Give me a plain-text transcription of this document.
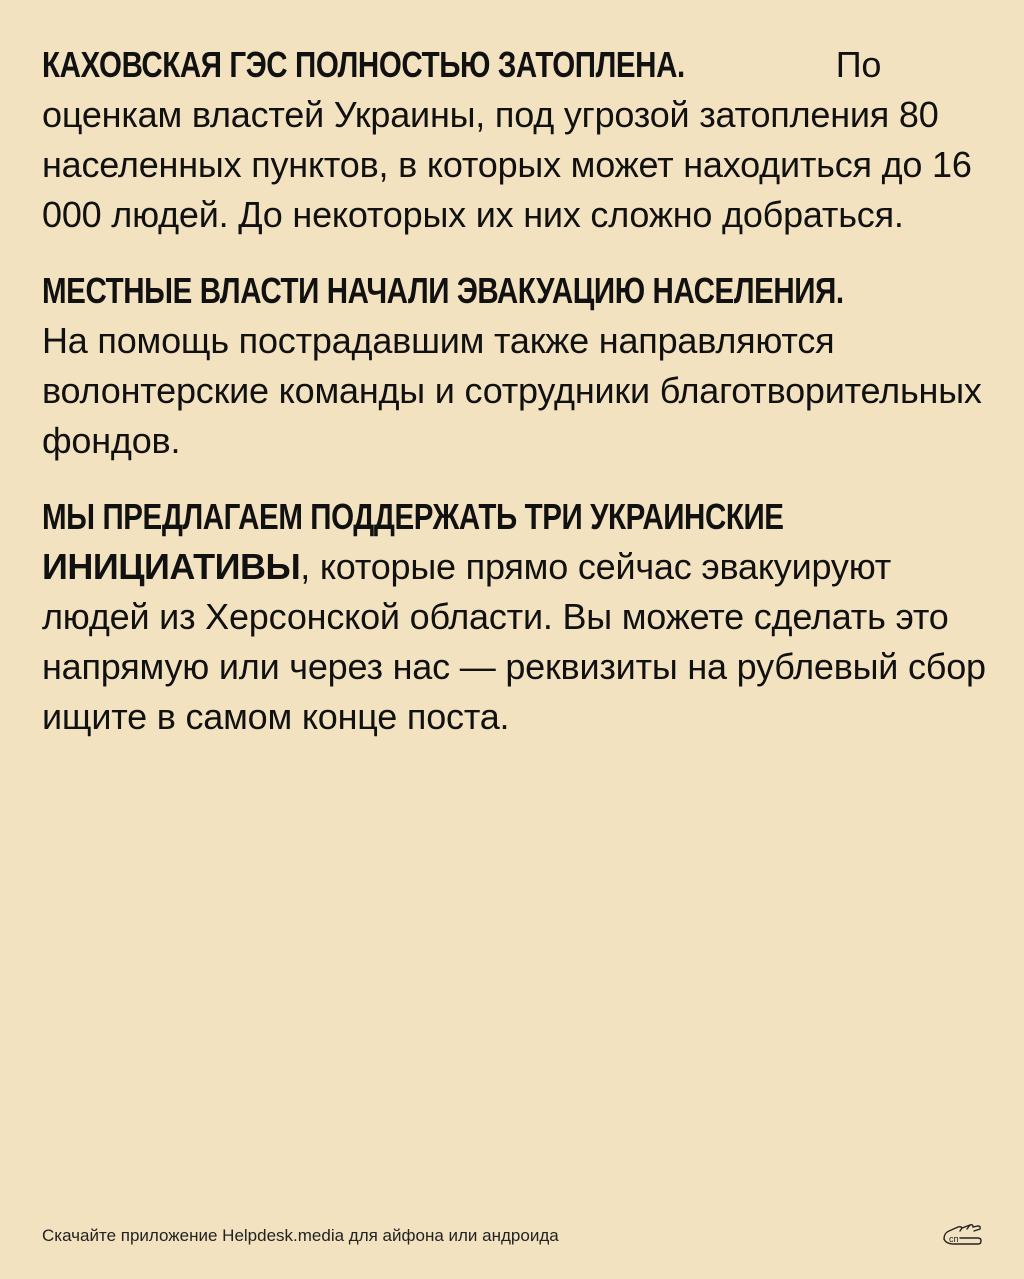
КАХОВСКАЯ ГЭС ПОЛНОСТЬЮ ЗАТОПЛЕНА.	По оценкам властей Украины, под угрозой затопления 80 населенных пунктов, в которых может находиться до 16 000 людей. До некоторых их них сложно добраться.

МЕСТНЫЕ ВЛАСТИ НАЧАЛИ ЭВАКУАЦИЮ НАСЕЛЕНИЯ.
На помощь пострадавшим также направляются волонтерские команды и сотрудники благотворительных фондов.

МЫ ПРЕДЛАГАЕМ ПОДДЕРЖАТЬ ТРИ УКРАИНСКИЕ
ИНИЦИАТИВЫ, которые прямо сейчас эвакуируют людей из Херсонской области. Вы можете сделать это напрямую или через нас — реквизиты на рублевый сбор ищите в самом конце поста.

Скачайте приложение Helpdesk.media для айфона или андроида	сп
